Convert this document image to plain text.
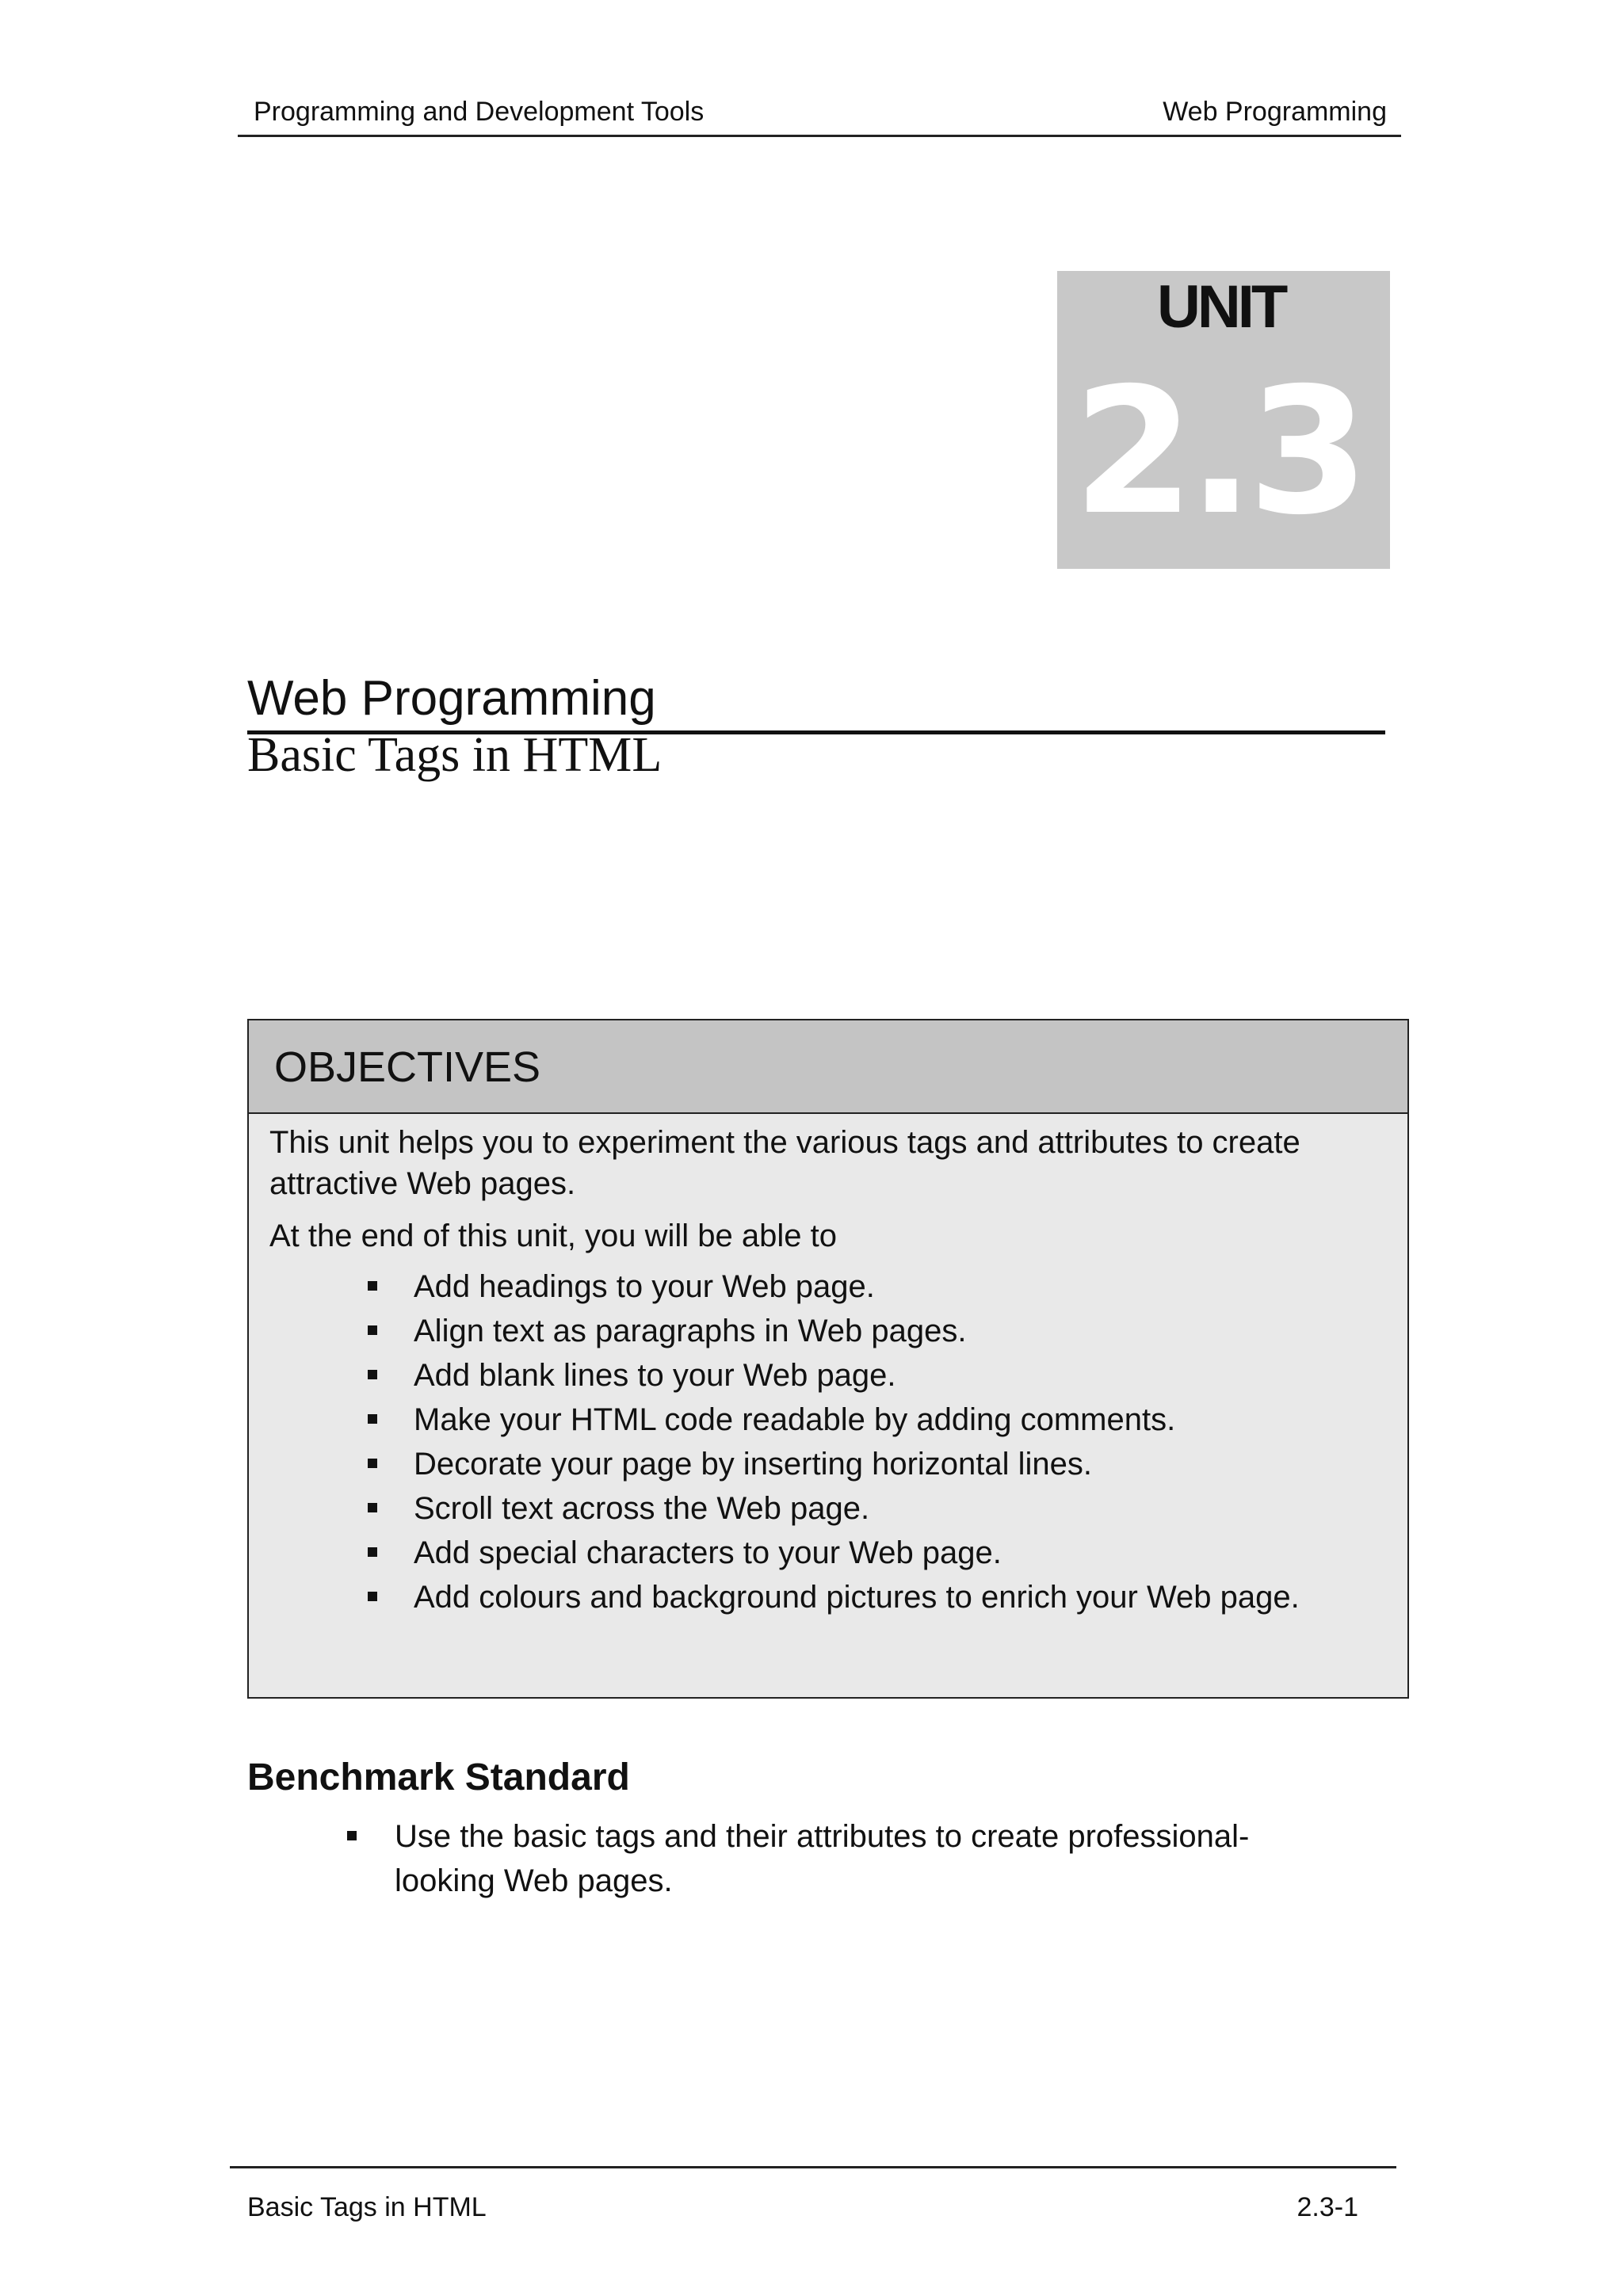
Programming and Development Tools	Web Programming
UNIT
2.3
Web Programming
Basic Tags in HTML
OBJECTIVES
This unit helps you to experiment the various tags and attributes to create attractive Web pages.
At the end of this unit, you will be able to
Add headings to your Web page.
Align text as paragraphs in Web pages.
Add blank lines to your Web page.
Make your HTML code readable by adding comments.
Decorate your page by inserting horizontal lines.
Scroll text across the Web page.
Add special characters to your Web page.
Add colours and background pictures to enrich your Web page.
Benchmark Standard
Use the basic tags and their attributes to create professional-looking Web pages.
Basic Tags in HTML	2.3-1
